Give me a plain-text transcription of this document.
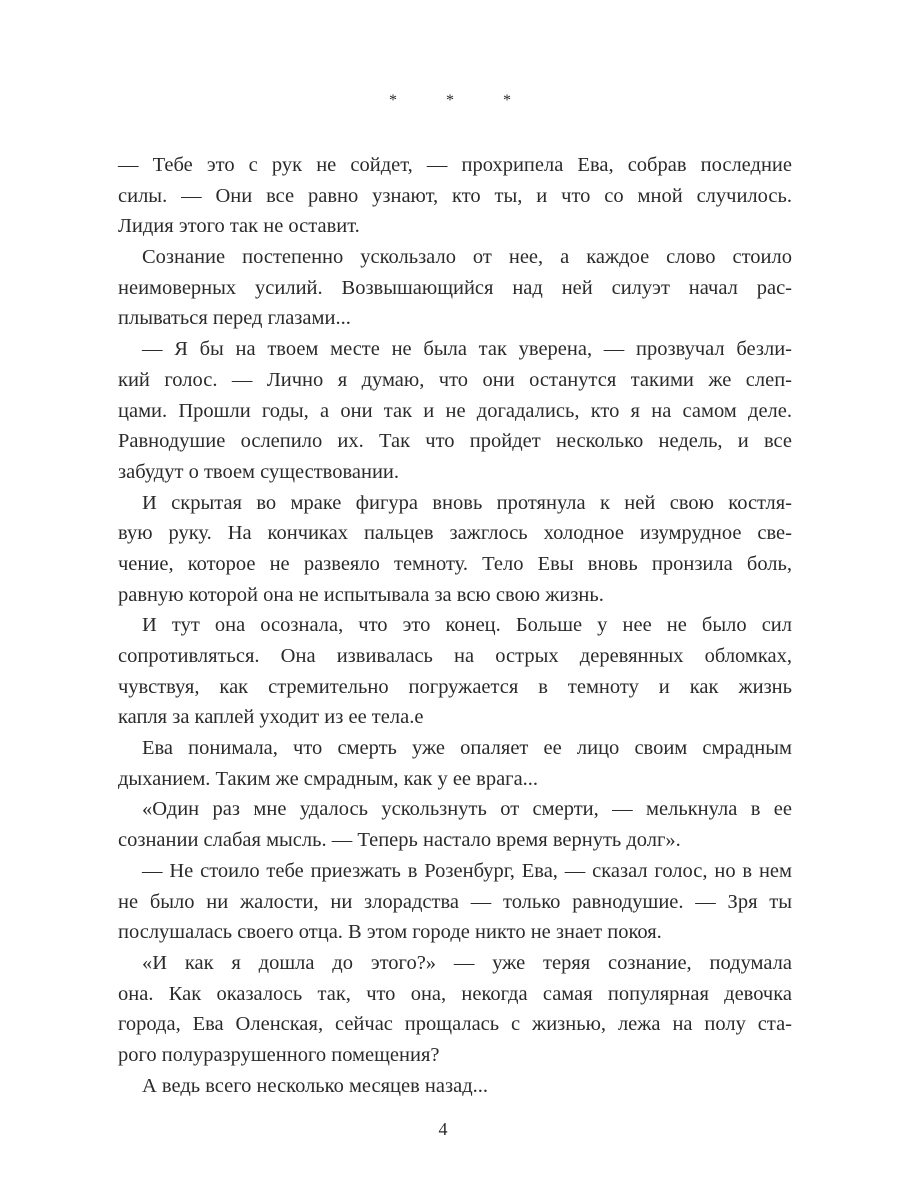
*	*	*
— Тебе это с рук не сойдет, — прохрипела Ева, собрав последние
силы. — Они все равно узнают, кто ты, и что со мной случилось.
Лидия этого так не оставит.
Сознание постепенно ускользало от нее, а каждое слово стоило
неимоверных усилий. Возвышающийся над ней силуэт начал рас-
плываться перед глазами...
— Я бы на твоем месте не была так уверена, — прозвучал безли-
кий голос. — Лично я думаю, что они останутся такими же слеп-
цами. Прошли годы, а они так и не догадались, кто я на самом деле.
Равнодушие ослепило их. Так что пройдет несколько недель, и все
забудут о твоем существовании.
И скрытая во мраке фигура вновь протянула к ней свою костля-
вую руку. На кончиках пальцев зажглось холодное изумрудное све-
чение, которое не развеяло темноту. Тело Евы вновь пронзила боль,
равную которой она не испытывала за всю свою жизнь.
И тут она осознала, что это конец. Больше у нее не было сил
сопротивляться. Она извивалась на острых деревянных обломках,
чувствуя, как стремительно погружается в темноту и как жизнь
капля за каплей уходит из ее тела.е
Ева понимала, что смерть уже опаляет ее лицо своим смрадным
дыханием. Таким же смрадным, как у ее врага...
«Один раз мне удалось ускользнуть от смерти, — мелькнула в ее
сознании слабая мысль. — Теперь настало время вернуть долг».
— Не стоило тебе приезжать в Розенбург, Ева, — сказал голос, но в нем
не было ни жалости, ни злорадства — только равнодушие. — Зря ты
послушалась своего отца. В этом городе никто не знает покоя.
«И как я дошла до этого?» — уже теряя сознание, подумала
она. Как оказалось так, что она, некогда самая популярная девочка
города, Ева Оленская, сейчас прощалась с жизнью, лежа на полу ста-
рого полуразрушенного помещения?
А ведь всего несколько месяцев назад...
4
